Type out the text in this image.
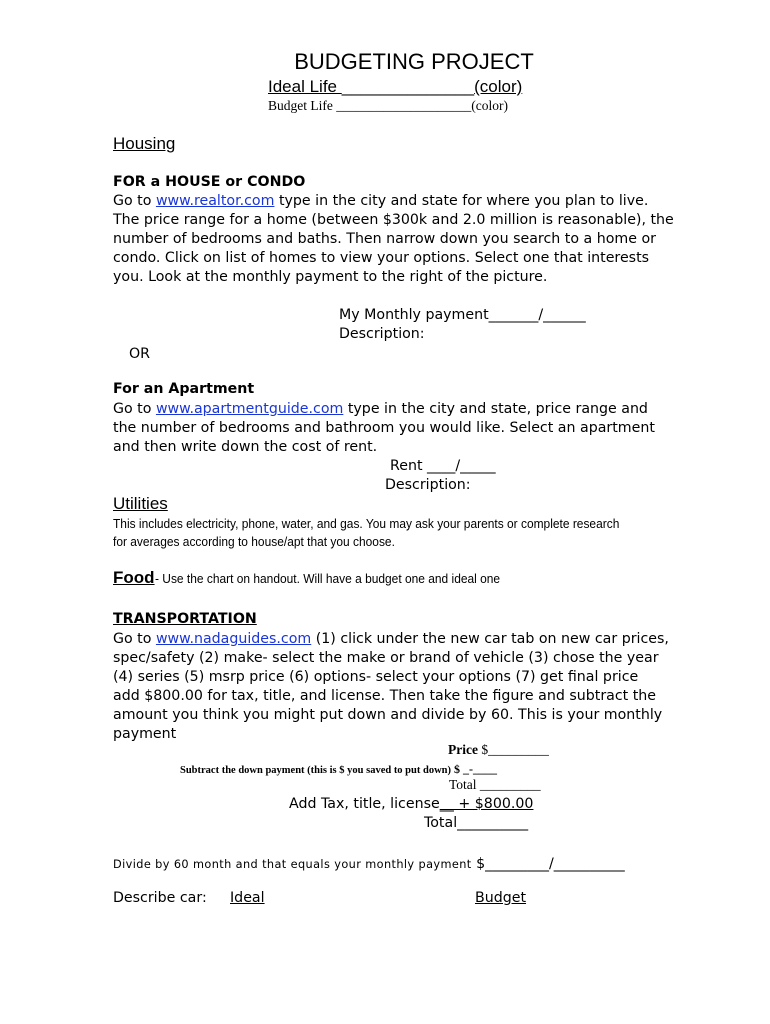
BUDGETING PROJECT
Ideal Life ______________(color)
Budget Life ____________________(color)
Housing
FOR a HOUSE or CONDO
Go to www.realtor.com type in the city and state for where you plan to live.
The price range for a home (between $300k and 2.0 million is reasonable), the
number of bedrooms and baths. Then narrow down you search to a home or
condo. Click on list of homes to view your options. Select one that interests
you. Look at the monthly payment to the right of the picture.
My Monthly payment_______/______
Description:
OR
For an Apartment
Go to www.apartmentguide.com type in the city and state, price range and
the number of bedrooms and bathroom you would like. Select an apartment
and then write down the cost of rent.
Rent ____/_____
Description:
Utilities
This includes electricity, phone, water, and gas. You may ask your parents or complete research
for averages according to house/apt that you choose.
Food- Use the chart on handout. Will have a budget one and ideal one
TRANSPORTATION
Go to www.nadaguides.com (1) click under the new car tab on new car prices,
spec/safety (2) make- select the make or brand of vehicle (3) chose the year
(4) series (5) msrp price (6) options- select your options (7) get final price
add $800.00 for tax, title, and license. Then take the figure and subtract the
amount you think you might put down and divide by 60. This is your monthly
payment
Price $_________
Subtract the down payment (this is $ you saved to put down) $ _-____
Total _________
Add Tax, title, license__ + $800.00
Total__________
Divide by 60 month and that equals your monthly payment $_________/__________
Describe car: Ideal	Budget
